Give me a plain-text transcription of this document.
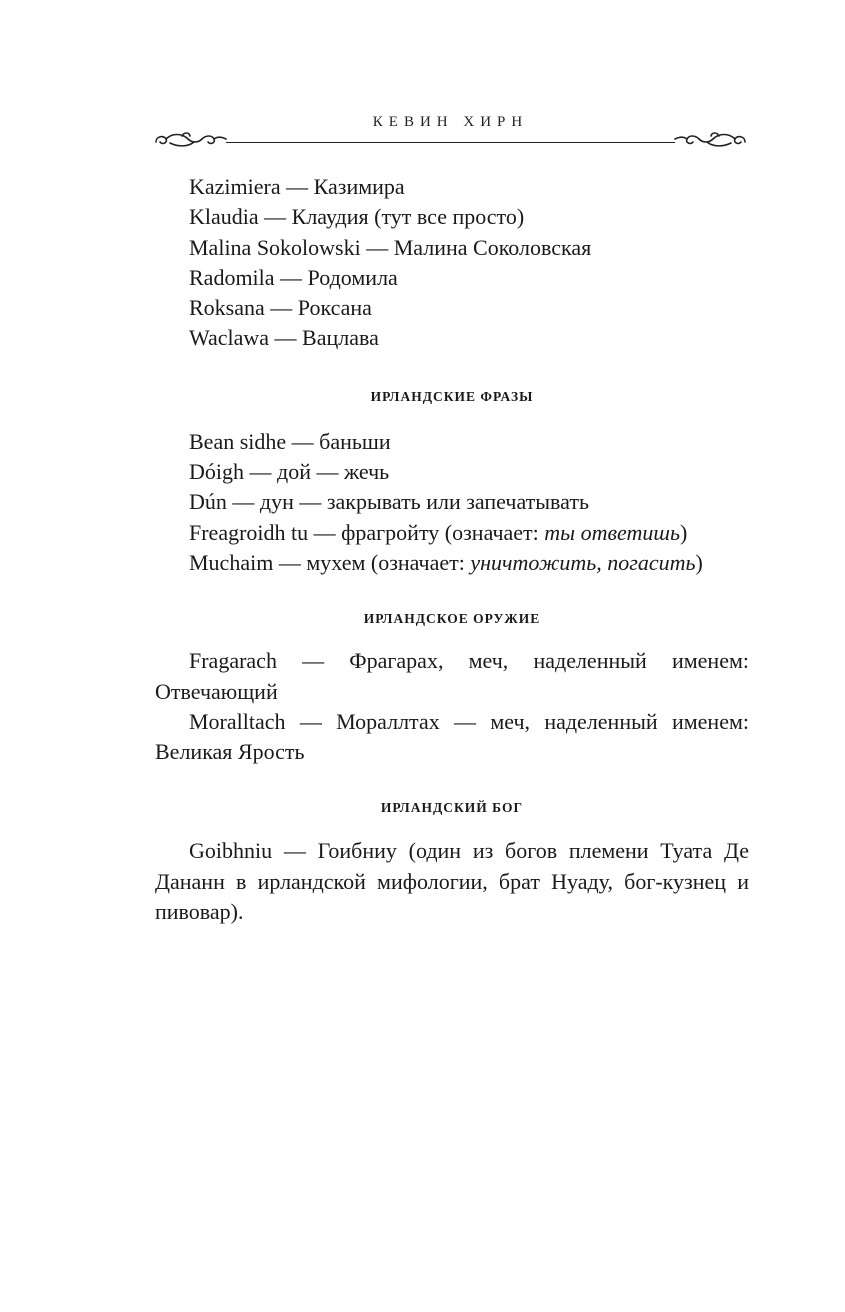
КЕВИН ХИРН

Kazimiera — Казимира

Klaudia — Клаудия (тут все просто)

Malina Sokolowski — Малина Соколовская

Radomila — Родомила

Roksana — Роксана

Waclawa — Вацлава

ИРЛАНДСКИЕ ФРАЗЫ

Bean sidhe — баньши

Dóigh — дой — жечь

Dún — дун — закрывать или запечатывать

Freagroidh tu — фрагройту (означает: ты ответишь)

Muchaim — мухем (означает: уничтожить, погасить)

ИРЛАНДСКОЕ ОРУЖИЕ

Fragarach — Фрагарах, меч, наделенный именем: Отвечающий

Moralltach — Мораллтах — меч, наделенный именем: Великая Ярость

ИРЛАНДСКИЙ БОГ

Goibhniu — Гоибниу (один из богов племени Туата Де Дананн в ирландской мифологии, брат Нуаду, бог-кузнец и пивовар).
